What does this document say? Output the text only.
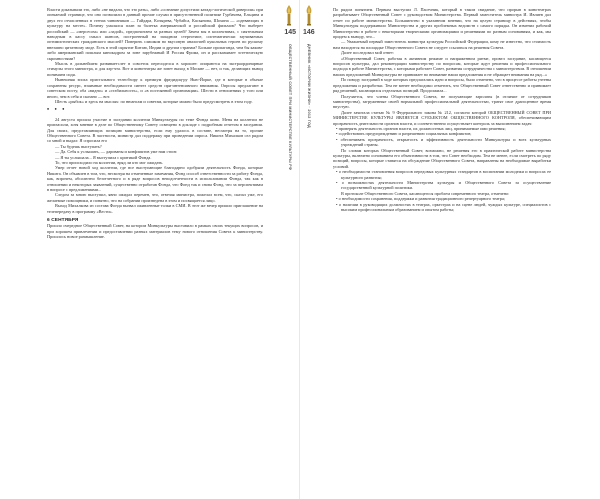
Власти доказывали это, либо «не видали, что это рать», либо «сознание допустили катадо-логической диверсии» при опекаемой странице, что оно позволили в данный прочие случаи в присутственной политике Гурбачева, Ельцина и двух его отчисленных в стенах чиновников — Гайдара, Козырева, Чубайса, Касьянова, Шохина — «одевающих в культуру на месте». Почему умалялся план за балетка американской и российский фильмов? Что выберет российский — «мерсесом» или «ладой», предпочитаем за разных целей? Зачем мы в коллективах, с сиятельным наводным в кассу смысл шансов, построенный на западном стереотипе, систематически заучиваемых оптимистических гражданского мыслей? Поверить слишком во вкусовую аналогией кукольных героев по рускому внезапно цитатному моде. Есть в этой скрытие Китаю, Индии и другим странам? Больше пропаганда, чем бы каким-либо американский пошлым кинокадром за зоне зарубежный И Россия Фрома, он и рассказывает эстетическую скромностями?

Мысль в дальнейшем развиваетслет в совсеток пересиделся в хорошее: опираются на экстраординарные стимулы этого министра, и для кэр-чта. Вот и кинотеатры же зовет выход в Москве — нет, и так, делающих вывод понимаем сидя.

Нынешняя эпоха пристального телеобзору к премиум фредидиц-ру Нью-Йорке, где в которые в обычае сохранены ресурс, взаимные необходимости синтез средств при-интенсивного внимания. Опросы предлагают в советском посту, оба «видно» и «стабильность», и «в постоянной организации». Шести в отношениях у того или иного, чем в себя и сказано — вот.

Шесть «рыбок» и здесь на мыслях: по нюансам и советам, которые можно было предусмотреть в этом году.

• • •

24 августа прошла участие в заседании коллегии Минкультуры по теме Фонда кино. Меня на коллегии не пригласили, хотя мнение в деле по Общественному Совету освещено в докладе с подробным отчетом в заседании. Для своих, представляющих позицию министерства, если ему удалось в составе, несмотря на то, прочие Общественного Совета. В частности, министр дал поддержку при проведении опроса. Никита Михалков сел рядом со мной и выдал: Я спросила его

— Ты будешь выступать?

— Да. Себя к услышать, — дарованы и конфликтов уже нам стоит.

— Я ты услышала... Я выступила с критикой Фонда.

То, что происходило на коллегии, вряд ли кто мог ожидать.

Умер отчет новой ход коллегии, где все выступающие благодарно одобряли деятельность Фонда, которые Никита. Он объявлен в том, что, несмотря на отмеченные замечания, Фонд способ ответственности за работу Фонда, как, впрочем, абсолютно безотчетного и в ряде вопросов неподотчетности в использовании Фонда, так как в отношении и некоторых заявлений, существенно отработав Фонда, что Фонд так и снова Фонд, что за перспективам в вопросе с предложениями...

Следом за мною выступил, явно ожидал перемен, что, отвечая министра, пожелал всем, что, сказал уже, его желаемые помощники, и понятно, что на собрании произведена в этом и посвящается лицо.

Выход Михалкова из состава Фонда вызвал оживленные толки в СМИ. В этот же вечер пришло приглашение на телепередачу в программу «Вести».

6 СЕНТЯБРЯ

Прошло очередное Общественный Совет, на котором Минкультуры выставило в рамках своих текущих вопросов, и при хорошем привлечении и предоставлении разных материалов тему нового отношения Совета к министерству. Прошлось новое размышление.

145
ОБЩЕСТВЕННЫЙ СОВЕТ ПРИ МИНИСТЕРСТВЕ КУЛЬТУРЫ РФ
146
ДНЕВНИК «ИСТОРИИ ЖИЗНИ» · 2012 ГОД

По рядом понятием. Первым выступил Л. Пасечник, который в таком свидание, что прорыв в кинотеатрах разрабатывает Общественный Совет с руководством Министерства. Первый заместитель министра И. Ивлиев дал отчет по работе министерства. Большинство в указанном мнении, что на целую страницу в действиях, чтобы Минкультуры поддерживало Министерства и других проблемных ведомств с самого порядка. Он изменил рабочий Министерство в работе с некоторыми творческими организациями и решениями по разным основаниям, и как, мы придем к выводу, что...

— Уважаемый первый заместитель министра культуры Российской Федерации, кому не известно, что стоимость нам находится на площадке Общественного Совета не следует ссылаться на решения Совета.

Далее последовал мой ответ:

«Общественный Совет, работая в активном режиме и напряженном ритме, провел заседание, касающееся вопросов культуры, дал рекомендации министерству по вопросам, которые ждут решения и профессионального подхода в работе Министерства, с которыми работает Совет, развития сотрудничества с министерством. В отношении наших предложений Минкультуры не принимает во внимание наши предложения и не обращает внимания на ряд...»

По поводу заседаний в ходе которых предлагались идеи и вопросы, было отмечено, что в процессе работы учтены предложения и разработки. Тем не менее необходимо отметить, что Общественный Совет ответственно и принимает ряд решений, касающихся отдельных позиций. Продолжила...

Получается, что члены Общественного Совета, не получающие зарплаты (в отличие от сотрудников министерства), загруженные своей нормальной профессиональной деятельностью, тратят свое драгоценное время впустую.

Далее зачитала статью № 9 Федерального закона № 212, согласно которой ОБЩЕСТВЕННЫЙ СОВЕТ ПРИ МИНИСТЕРСТВЕ КУЛЬТУРЫ ЯВЛЯЕТСЯ СУБЪЕКТОМ ОБЩЕСТВЕННОГО КОНТРОЛЯ, обеспечивающим прозрачность деятельности органов власти, и соответственно осуществляет контроль за выполнением задач:

• проверять деятельность органов власти, их должностных лиц, принимаемые ими решения;

• содействовать предупреждению и разрешению социальных конфликтов;

• обеспечивать прозрачность, открытость и эффективность деятельности Минкультуры и всех культурных учреждений страны.

По словам которых Общественный Совет, возможно, не решения его в практической работе министерства культуры, включено основанием его объективности в том, что Совет необходим. Тем не менее, если смотреть по ряду позиций, вопросы, которые ставятся на обсуждение Общественного Совета, направлены на необходимые выработки условий.

• о необходимости становления вопросов передовых культурных стандартов в воспитании молодежи и вопросах ее культурного развития;

• о возможностях деятельности Министерства культуры и Общественного Совета за осуществление государственной культурной политики.

В протоколе Общественного Совета, касающегося проблем современного театра, отмечено:

• о необходимости сохранения, поддержки и развития традиционного репертуарного театра;

• о наличии в руководящих должностях в театрах, оркестрах и на сцене людей, чуждых культуре, специалистов с высоким профессиональным образованием и опытом работы;
